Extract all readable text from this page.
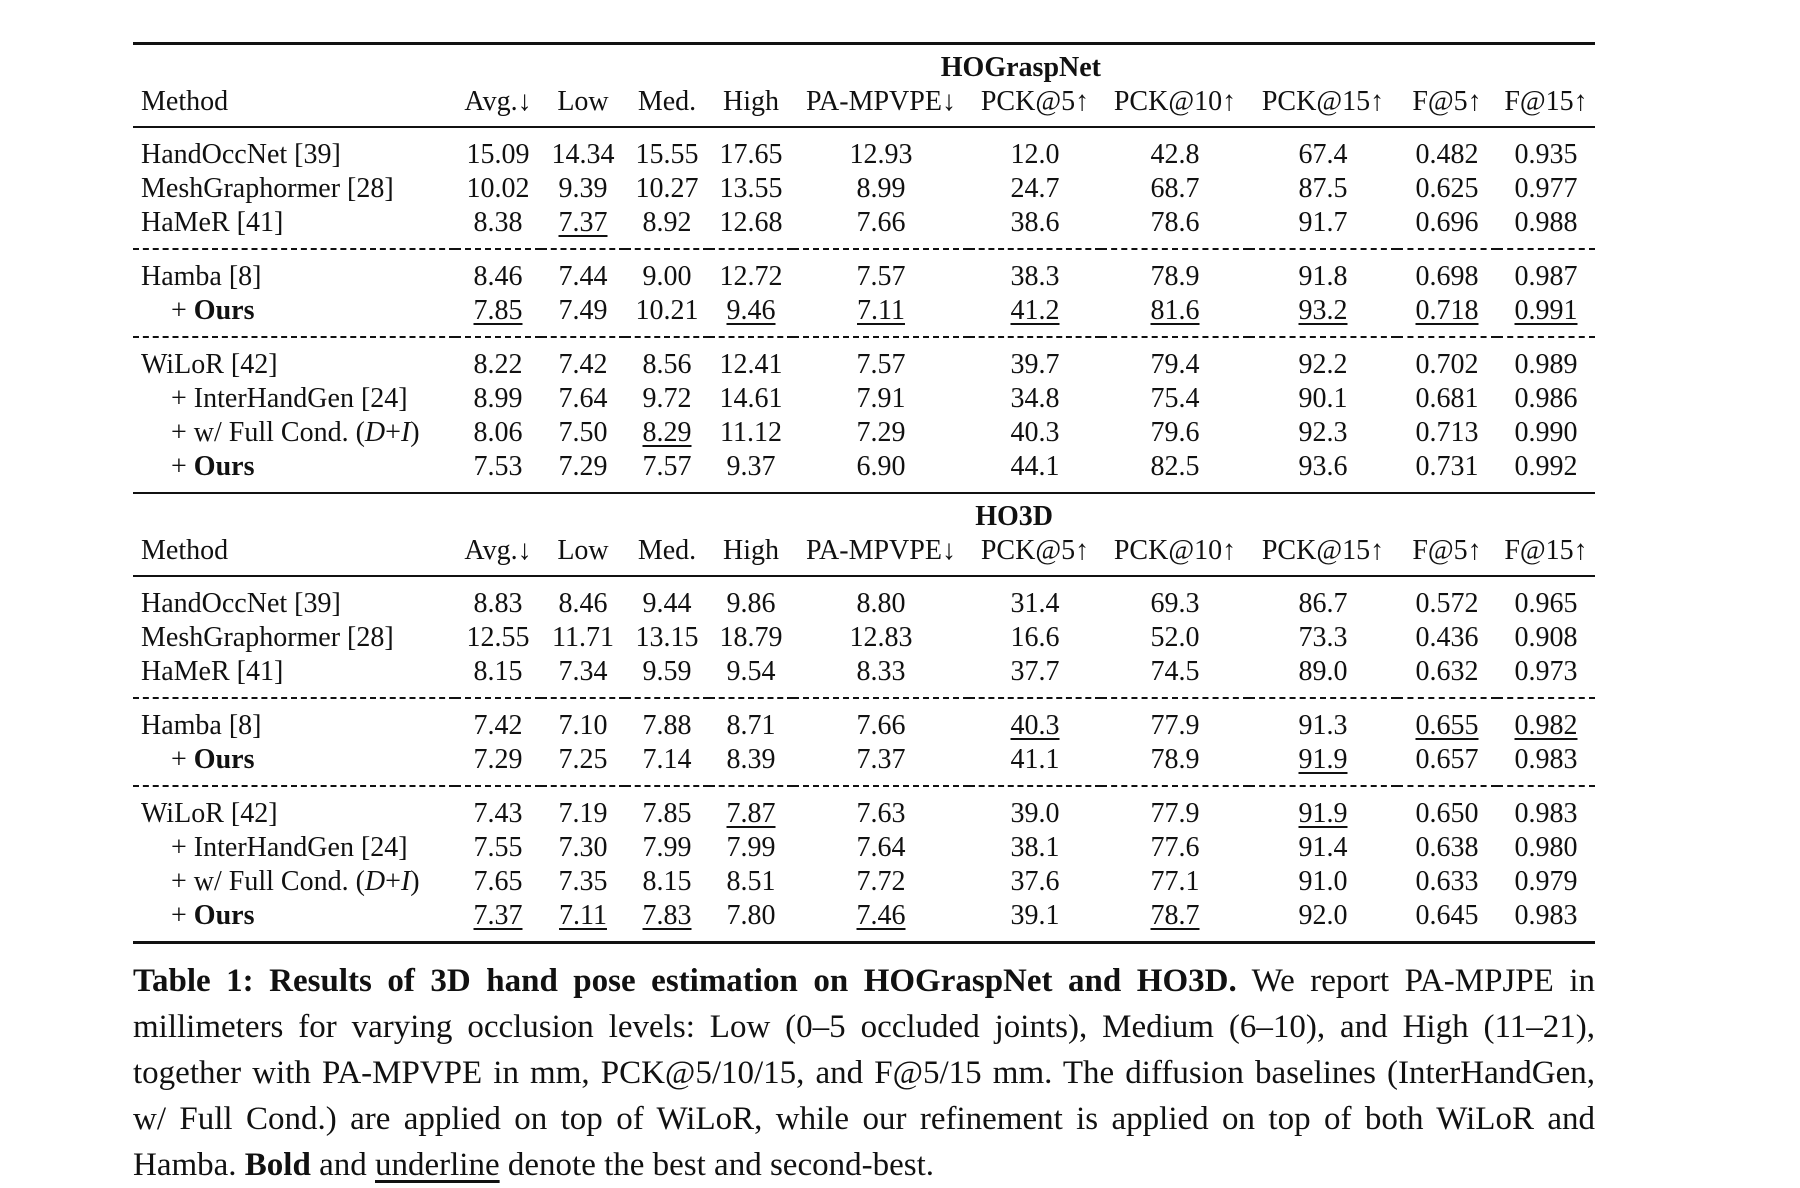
		HOGraspNet								
Method	Avg.↓	Low	Med.	High	PA-MPVPE↓	PCK@5↑	PCK@10↑	PCK@15↑	F@5↑	F@15↑

HandOccNet [39]	15.09	14.34	15.55	17.65	12.93	12.0	42.8	67.4	0.482	0.935
MeshGraphormer [28]	10.02	9.39	10.27	13.55	8.99	24.7	68.7	87.5	0.625	0.977
HaMeR [41]	8.38	7.37	8.92	12.68	7.66	38.6	78.6	91.7	0.696	0.988

Hamba [8]	8.46	7.44	9.00	12.72	7.57	38.3	78.9	91.8	0.698	0.987
+ Ours	7.85	7.49	10.21	9.46	7.11	41.2	81.6	93.2	0.718	0.991

WiLoR [42]	8.22	7.42	8.56	12.41	7.57	39.7	79.4	92.2	0.702	0.989
+ InterHandGen [24]	8.99	7.64	9.72	14.61	7.91	34.8	75.4	90.1	0.681	0.986
+ w/ Full Cond. (D+I)	8.06	7.50	8.29	11.12	7.29	40.3	79.6	92.3	0.713	0.990
+ Ours	7.53	7.29	7.57	9.37	6.90	44.1	82.5	93.6	0.731	0.992

		HO3D								
Method	Avg.↓	Low	Med.	High	PA-MPVPE↓	PCK@5↑	PCK@10↑	PCK@15↑	F@5↑	F@15↑

HandOccNet [39]	8.83	8.46	9.44	9.86	8.80	31.4	69.3	86.7	0.572	0.965
MeshGraphormer [28]	12.55	11.71	13.15	18.79	12.83	16.6	52.0	73.3	0.436	0.908
HaMeR [41]	8.15	7.34	9.59	9.54	8.33	37.7	74.5	89.0	0.632	0.973

Hamba [8]	7.42	7.10	7.88	8.71	7.66	40.3	77.9	91.3	0.655	0.982
+ Ours	7.29	7.25	7.14	8.39	7.37	41.1	78.9	91.9	0.657	0.983

WiLoR [42]	7.43	7.19	7.85	7.87	7.63	39.0	77.9	91.9	0.650	0.983
+ InterHandGen [24]	7.55	7.30	7.99	7.99	7.64	38.1	77.6	91.4	0.638	0.980
+ w/ Full Cond. (D+I)	7.65	7.35	8.15	8.51	7.72	37.6	77.1	91.0	0.633	0.979
+ Ours	7.37	7.11	7.83	7.80	7.46	39.1	78.7	92.0	0.645	0.983

Table 1: Results of 3D hand pose estimation on HOGraspNet and HO3D. We report PA-MPJPE in millimeters for varying occlusion levels: Low (0–5 occluded joints), Medium (6–10), and High (11–21), together with PA-MPVPE in mm, PCK@5/10/15, and F@5/15 mm. The diffusion baselines (InterHandGen, w/ Full Cond.) are applied on top of WiLoR, while our refinement is applied on top of both WiLoR and Hamba. Bold and underline denote the best and second-best.
